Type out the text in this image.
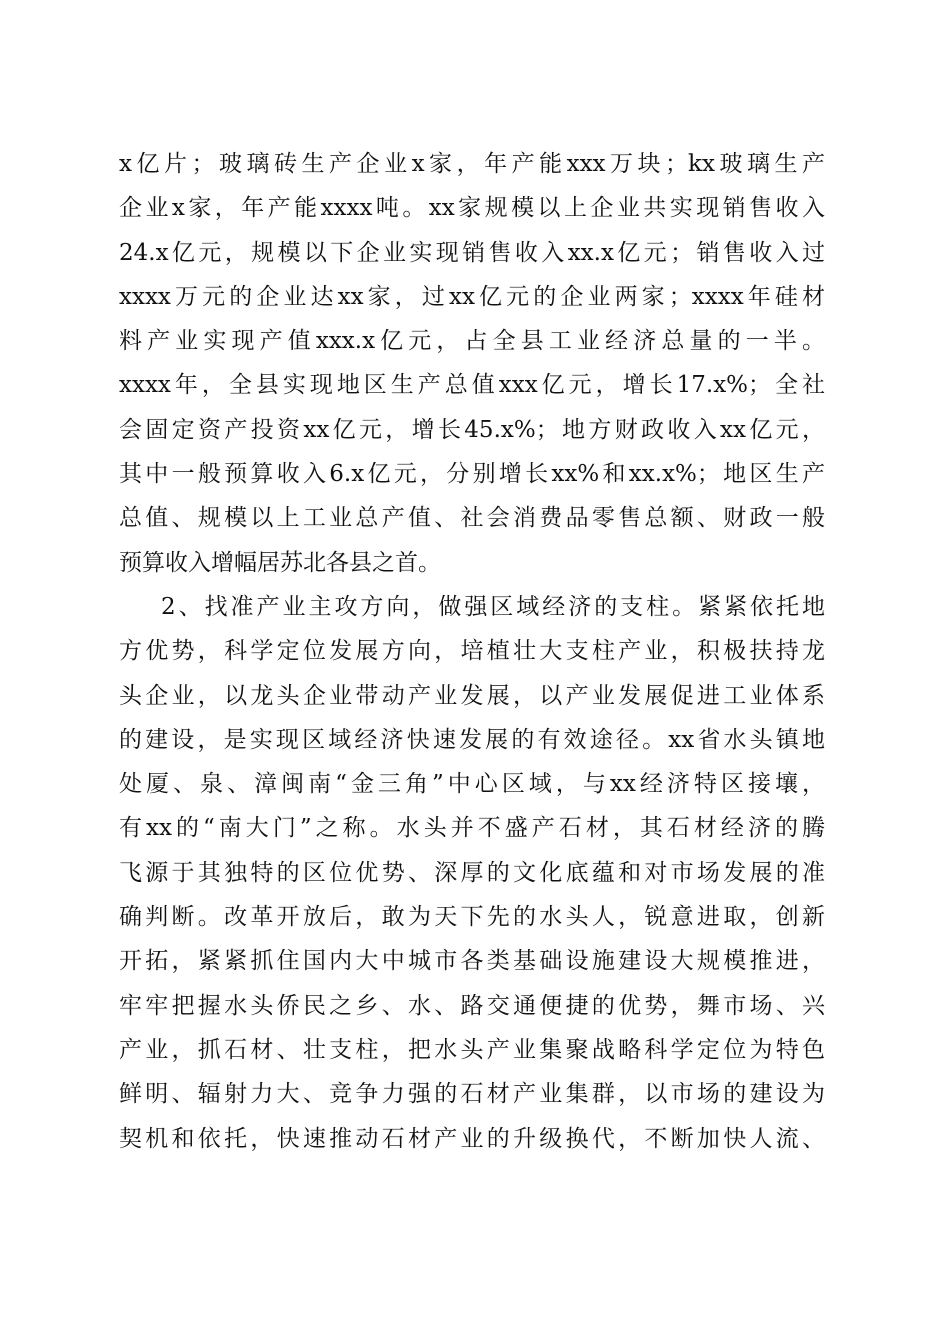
x亿片；玻璃砖生产企业x家，年产能xxx万块；kx玻璃生产
企业x家，年产能xxxx吨。xx家规模以上企业共实现销售收入
24.x亿元，规模以下企业实现销售收入xx.x亿元；销售收入过
xxxx万元的企业达xx家，过xx亿元的企业两家；xxxx年硅材
料产业实现产值xxx.x亿元，占全县工业经济总量的一半。
xxxx年，全县实现地区生产总值xxx亿元，增长17.x%；全社
会固定资产投资xx亿元，增长45.x%；地方财政收入xx亿元，
其中一般预算收入6.x亿元，分别增长xx%和xx.x%；地区生产
总值、规模以上工业总产值、社会消费品零售总额、财政一般
预算收入增幅居苏北各县之首。
2、找准产业主攻方向，做强区域经济的支柱。紧紧依托地
方优势，科学定位发展方向，培植壮大支柱产业，积极扶持龙
头企业，以龙头企业带动产业发展，以产业发展促进工业体系
的建设，是实现区域经济快速发展的有效途径。xx省水头镇地
处厦、泉、漳闽南“金三角”中心区域，与xx经济特区接壤，
有xx的“南大门”之称。水头并不盛产石材，其石材经济的腾
飞源于其独特的区位优势、深厚的文化底蕴和对市场发展的准
确判断。改革开放后，敢为天下先的水头人，锐意进取，创新
开拓，紧紧抓住国内大中城市各类基础设施建设大规模推进，
牢牢把握水头侨民之乡、水、路交通便捷的优势，舞市场、兴
产业，抓石材、壮支柱，把水头产业集聚战略科学定位为特色
鲜明、辐射力大、竞争力强的石材产业集群，以市场的建设为
契机和依托，快速推动石材产业的升级换代，不断加快人流、
